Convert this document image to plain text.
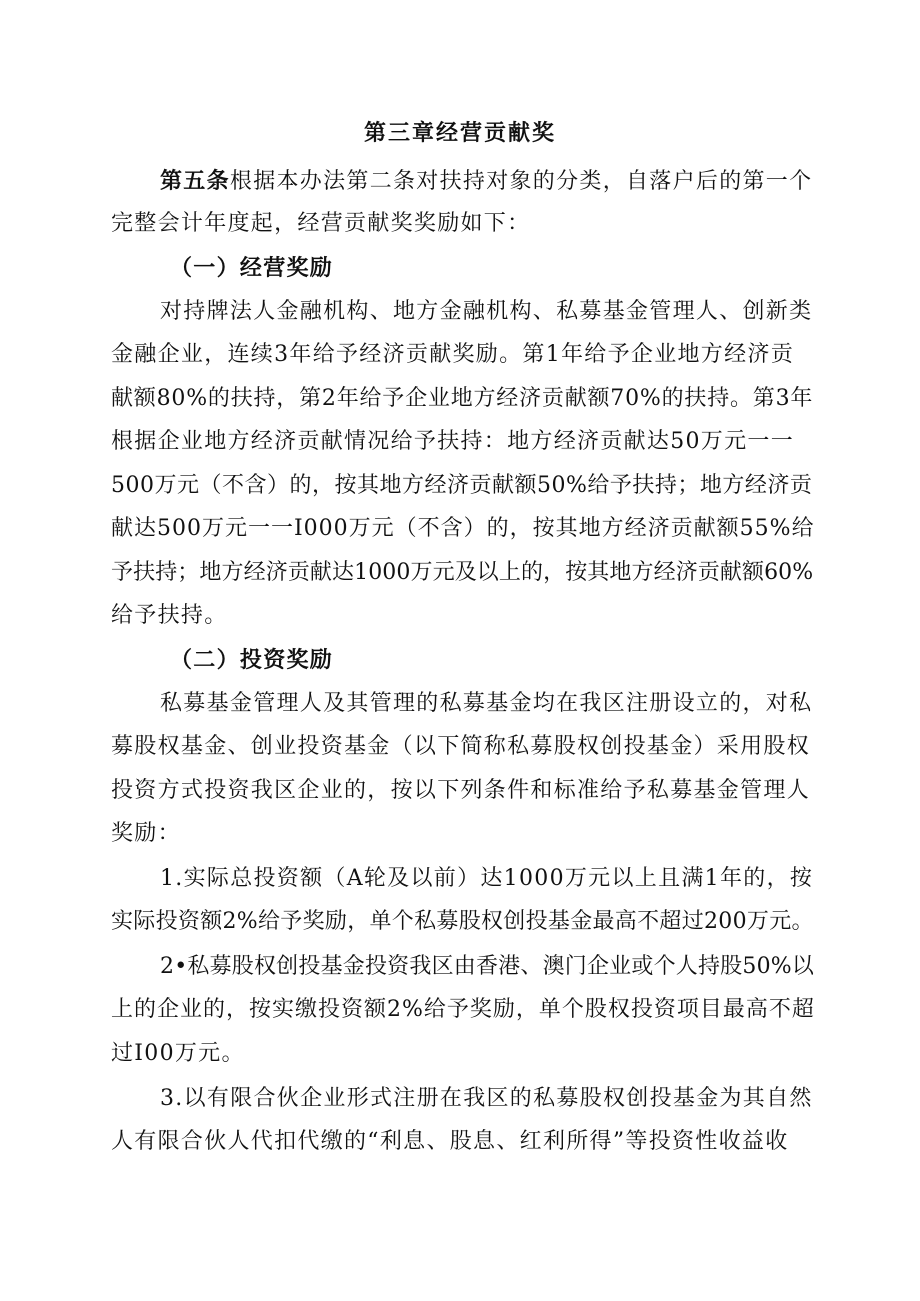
第三章经营贡献奖
第五条根据本办法第二条对扶持对象的分类，自落户后的第一个
完整会计年度起，经营贡献奖奖励如下：
（一）经营奖励
对持牌法人金融机构、地方金融机构、私募基金管理人、创新类
金融企业，连续3年给予经济贡献奖励。第1年给予企业地方经济贡
献额80%的扶持，第2年给予企业地方经济贡献额70%的扶持。第3年
根据企业地方经济贡献情况给予扶持：地方经济贡献达50万元一一
500万元（不含）的，按其地方经济贡献额50%给予扶持；地方经济贡
献达500万元一一I000万元（不含）的，按其地方经济贡献额55%给
予扶持；地方经济贡献达1000万元及以上的，按其地方经济贡献额60%
给予扶持。
（二）投资奖励
私募基金管理人及其管理的私募基金均在我区注册设立的，对私
募股权基金、创业投资基金（以下简称私募股权创投基金）采用股权
投资方式投资我区企业的，按以下列条件和标准给予私募基金管理人
奖励：
1.实际总投资额（A轮及以前）达1000万元以上且满1年的，按
实际投资额2%给予奖励，单个私募股权创投基金最高不超过200万元。
2•私募股权创投基金投资我区由香港、澳门企业或个人持股50%以
上的企业的，按实缴投资额2%给予奖励，单个股权投资项目最高不超
过I00万元。
3.以有限合伙企业形式注册在我区的私募股权创投基金为其自然
人有限合伙人代扣代缴的“利息、股息、红利所得”等投资性收益收
